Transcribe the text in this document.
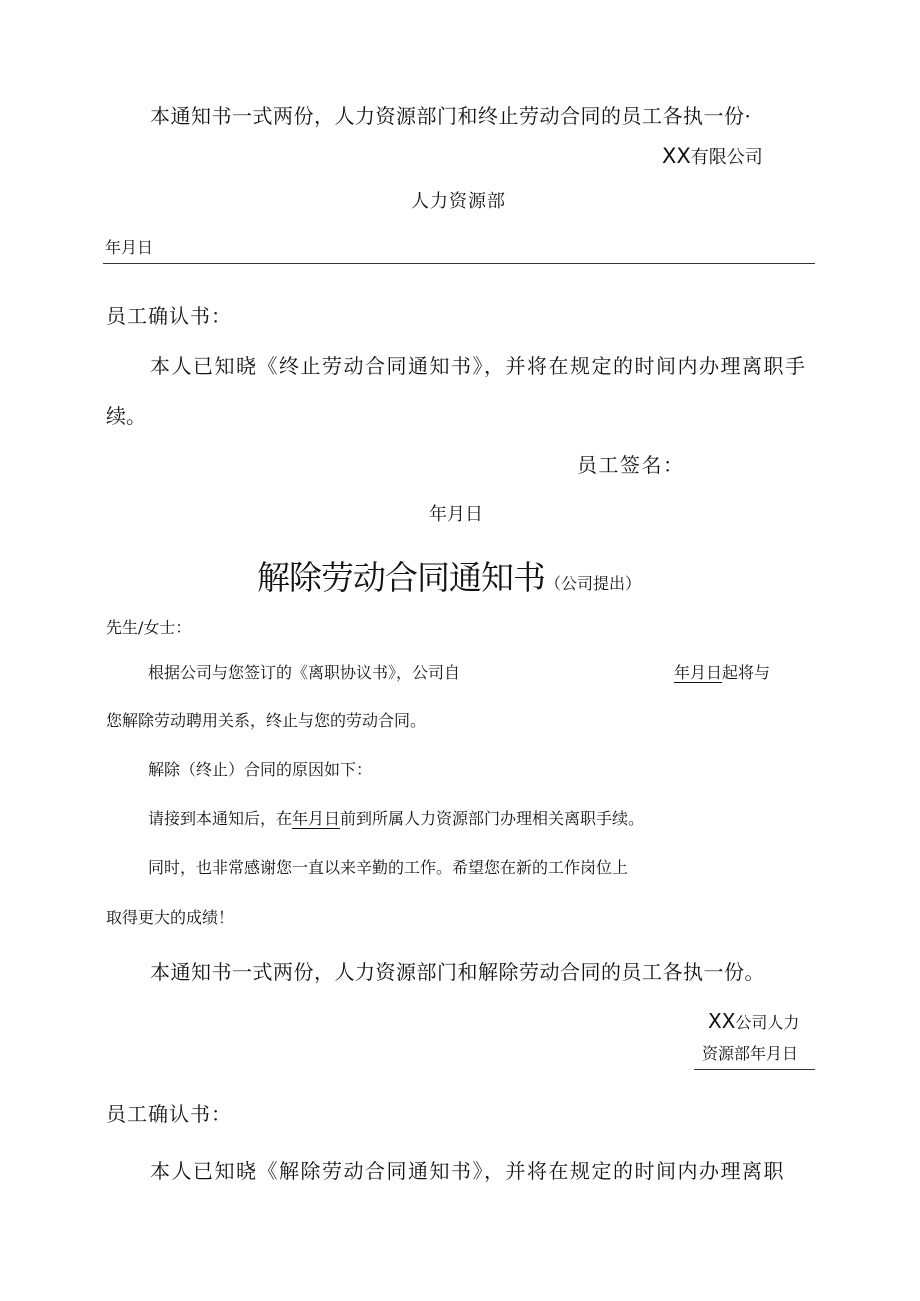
本通知书一式两份，人力资源部门和终止劳动合同的员工各执一份·
XX有限公司
人力资源部
年月日
员工确认书：
本人已知晓《终止劳动合同通知书》，并将在规定的时间内办理离职手
续。
员工签名：
年月日
解除劳动合同通知书（公司提出）
先生/女士：
根据公司与您签订的《离职协议书》，公司自	年月日起将与
您解除劳动聘用关系，终止与您的劳动合同。
解除（终止）合同的原因如下：
请接到本通知后，在年月日前到所属人力资源部门办理相关离职手续。
同时，也非常感谢您一直以来辛勤的工作。希望您在新的工作岗位上
取得更大的成绩！
本通知书一式两份，人力资源部门和解除劳动合同的员工各执一份。
XX公司人力
资源部年月日
员工确认书：
本人已知晓《解除劳动合同通知书》，并将在规定的时间内办理离职
